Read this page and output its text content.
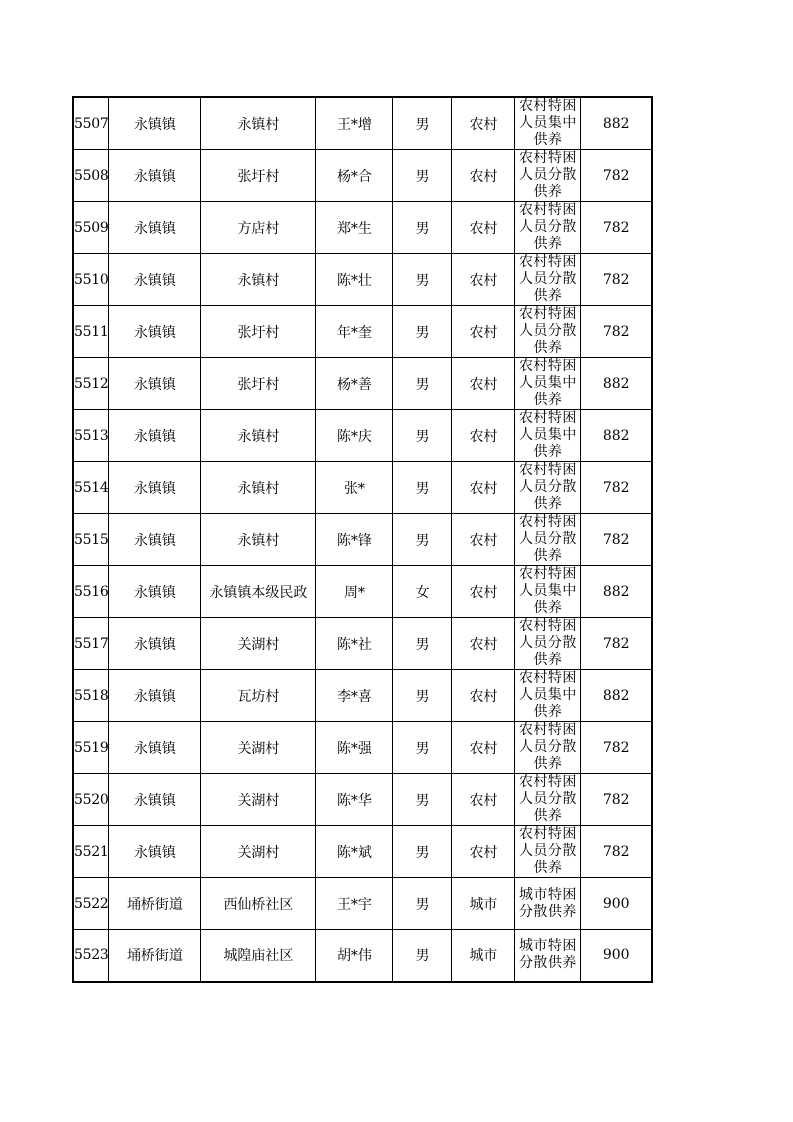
5507	永镇镇	永镇村	王*增	男	农村	农村特困人员集中供养	882
5508	永镇镇	张圩村	杨*合	男	农村	农村特困人员分散供养	782
5509	永镇镇	方店村	郑*生	男	农村	农村特困人员分散供养	782
5510	永镇镇	永镇村	陈*壮	男	农村	农村特困人员分散供养	782
5511	永镇镇	张圩村	年*奎	男	农村	农村特困人员分散供养	782
5512	永镇镇	张圩村	杨*善	男	农村	农村特困人员集中供养	882
5513	永镇镇	永镇村	陈*庆	男	农村	农村特困人员集中供养	882
5514	永镇镇	永镇村	张*	男	农村	农村特困人员分散供养	782
5515	永镇镇	永镇村	陈*锋	男	农村	农村特困人员分散供养	782
5516	永镇镇	永镇镇本级民政	周*	女	农村	农村特困人员集中供养	882
5517	永镇镇	关湖村	陈*社	男	农村	农村特困人员分散供养	782
5518	永镇镇	瓦坊村	李*喜	男	农村	农村特困人员集中供养	882
5519	永镇镇	关湖村	陈*强	男	农村	农村特困人员分散供养	782
5520	永镇镇	关湖村	陈*华	男	农村	农村特困人员分散供养	782
5521	永镇镇	关湖村	陈*斌	男	农村	农村特困人员分散供养	782
5522	埇桥街道	西仙桥社区	王*宇	男	城市	城市特困分散供养	900
5523	埇桥街道	城隍庙社区	胡*伟	男	城市	城市特困分散供养	900
